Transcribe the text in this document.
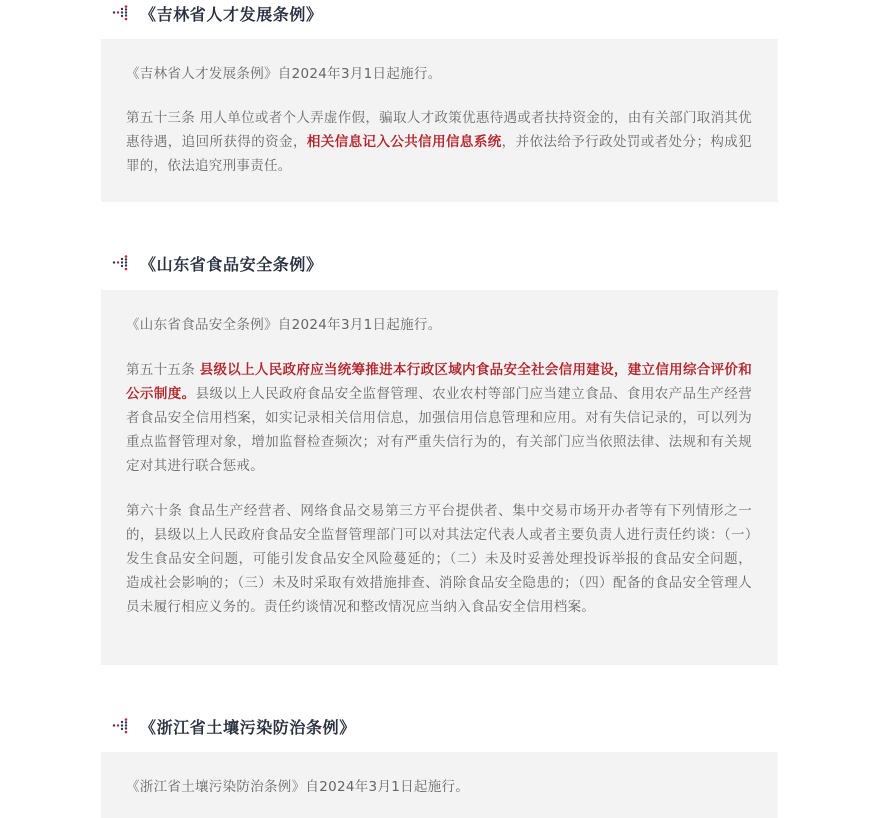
《吉林省人才发展条例》

《吉林省人才发展条例》自2024年3月1日起施行。

第五十三条 用人单位或者个人弄虚作假，骗取人才政策优惠待遇或者扶持资金的，由有关部门取消其优惠待遇，追回所获得的资金，相关信息记入公共信用信息系统，并依法给予行政处罚或者处分；构成犯罪的，依法追究刑事责任。

《山东省食品安全条例》

《山东省食品安全条例》自2024年3月1日起施行。

第五十五条 县级以上人民政府应当统筹推进本行政区域内食品安全社会信用建设，建立信用综合评价和公示制度。县级以上人民政府食品安全监督管理、农业农村等部门应当建立食品、食用农产品生产经营者食品安全信用档案，如实记录相关信用信息，加强信用信息管理和应用。对有失信记录的，可以列为重点监督管理对象，增加监督检查频次；对有严重失信行为的，有关部门应当依照法律、法规和有关规定对其进行联合惩戒。

第六十条 食品生产经营者、网络食品交易第三方平台提供者、集中交易市场开办者等有下列情形之一的，县级以上人民政府食品安全监督管理部门可以对其法定代表人或者主要负责人进行责任约谈：（一）发生食品安全问题，可能引发食品安全风险蔓延的；（二）未及时妥善处理投诉举报的食品安全问题，造成社会影响的；（三）未及时采取有效措施排查、消除食品安全隐患的；（四）配备的食品安全管理人员未履行相应义务的。责任约谈情况和整改情况应当纳入食品安全信用档案。

《浙江省土壤污染防治条例》

《浙江省土壤污染防治条例》自2024年3月1日起施行。
